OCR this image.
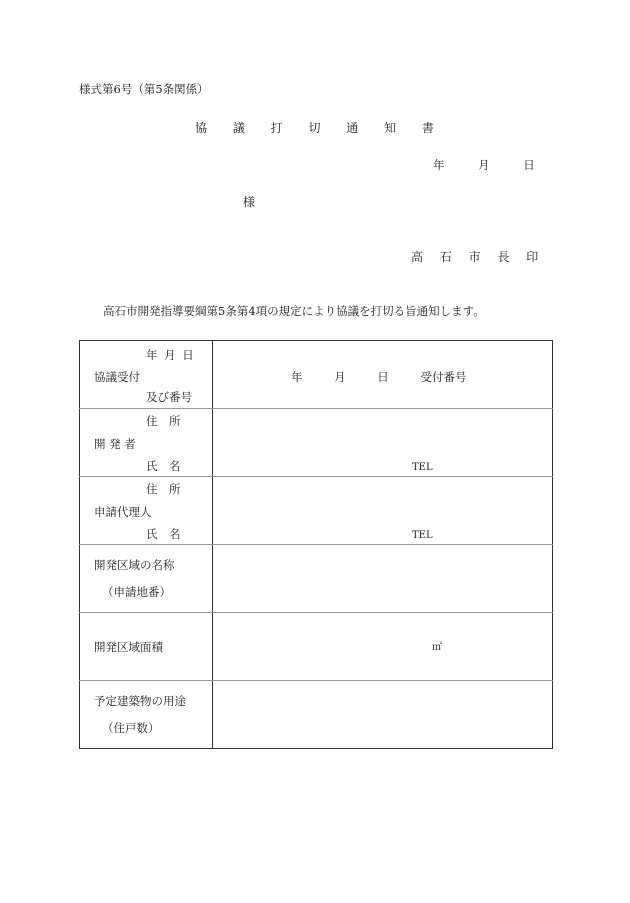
様式第6号（第5条関係）
協 議 打 切 通 知 書
年 月 日
様
高 石 市 長 印
高石市開発指導要綱第5条第4項の規定により協議を打切る旨通知します。
年 月 日
協議受付
及び番号	年 月 日 受付番号

住　所
開 発 者
氏　名	TEL

住　所
申請代理人
氏　名	TEL

開発区域の名称
（申請地番）	

開発区域面積	㎡

予定建築物の用途
（住戸数）	
